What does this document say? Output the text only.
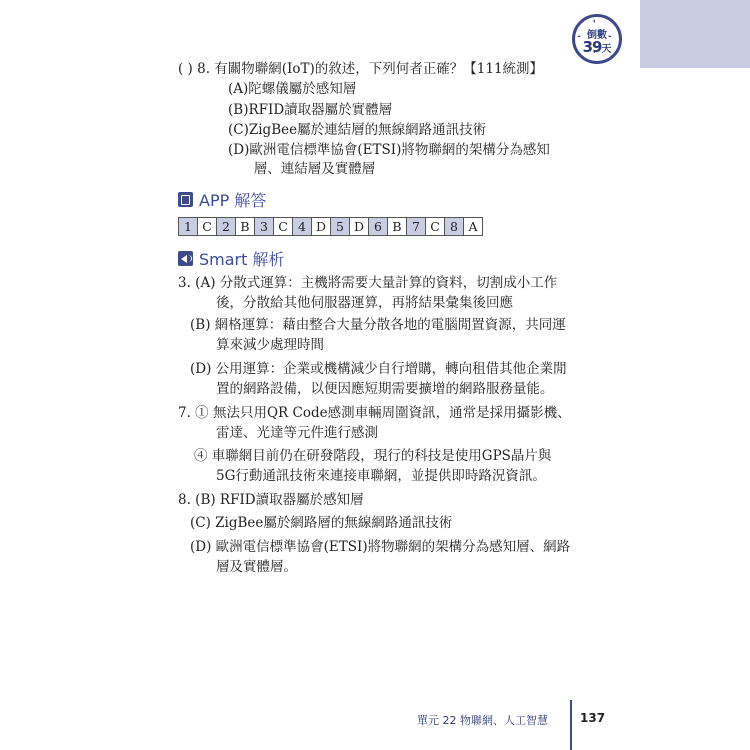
倒數
39天
( ) 8. 有關物聯網(IoT)的敘述，下列何者正確？【111統測】
(A)陀螺儀屬於感知層
(B)RFID讀取器屬於實體層
(C)ZigBee屬於連結層的無線網路通訊技術
(D)歐洲電信標準協會(ETSI)將物聯網的架構分為感知
層、連結層及實體層
APP 解答
1	C	2	B	3	C	4	D	5	D	6	B	7	C	8	A
Smart 解析
3. (A) 分散式運算：主機將需要大量計算的資料，切割成小工作
後，分散給其他伺服器運算，再將結果彙集後回應
(B) 網格運算：藉由整合大量分散各地的電腦閒置資源，共同運
算來減少處理時間
(D) 公用運算：企業或機構減少自行增購，轉向租借其他企業閒
置的網路設備，以便因應短期需要擴增的網路服務量能。
7. ① 無法只用QR Code感測車輛周圍資訊，通常是採用攝影機、
雷達、光達等元件進行感測
④ 車聯網目前仍在研發階段，現行的科技是使用GPS晶片與
5G行動通訊技術來連接車聯網，並提供即時路況資訊。
8. (B) RFID讀取器屬於感知層
(C) ZigBee屬於網路層的無線網路通訊技術
(D) 歐洲電信標準協會(ETSI)將物聯網的架構分為感知層、網路
層及實體層。
單元 22 物聯網、人工智慧	137
